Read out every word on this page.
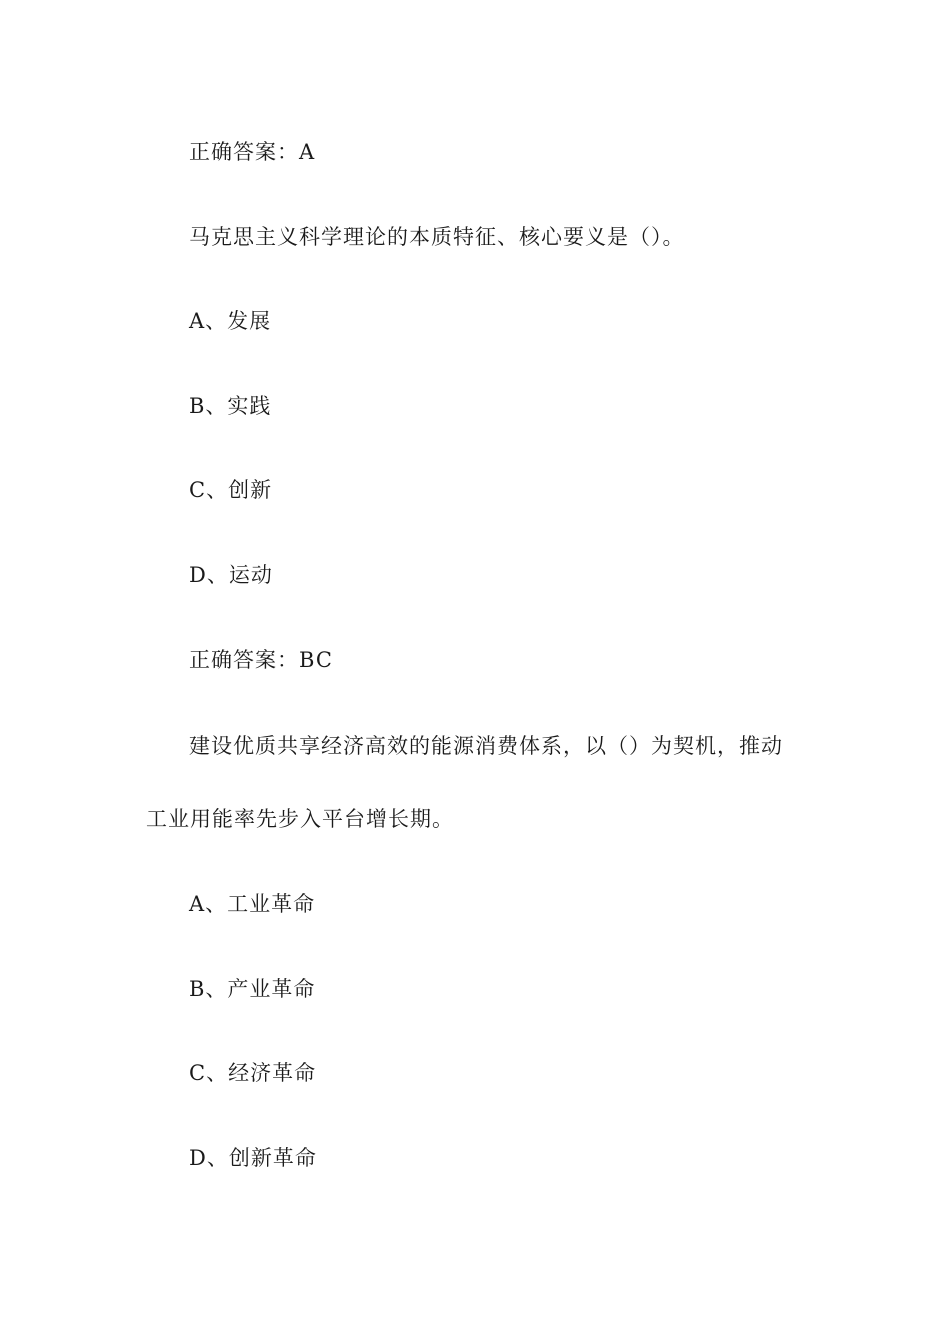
正确答案：A
马克思主义科学理论的本质特征、核心要义是（）。
A、发展
B、实践
C、创新
D、运动
正确答案：BC
建设优质共享经济高效的能源消费体系，以（）为契机，推动
工业用能率先步入平台增长期。
A、工业革命
B、产业革命
C、经济革命
D、创新革命
